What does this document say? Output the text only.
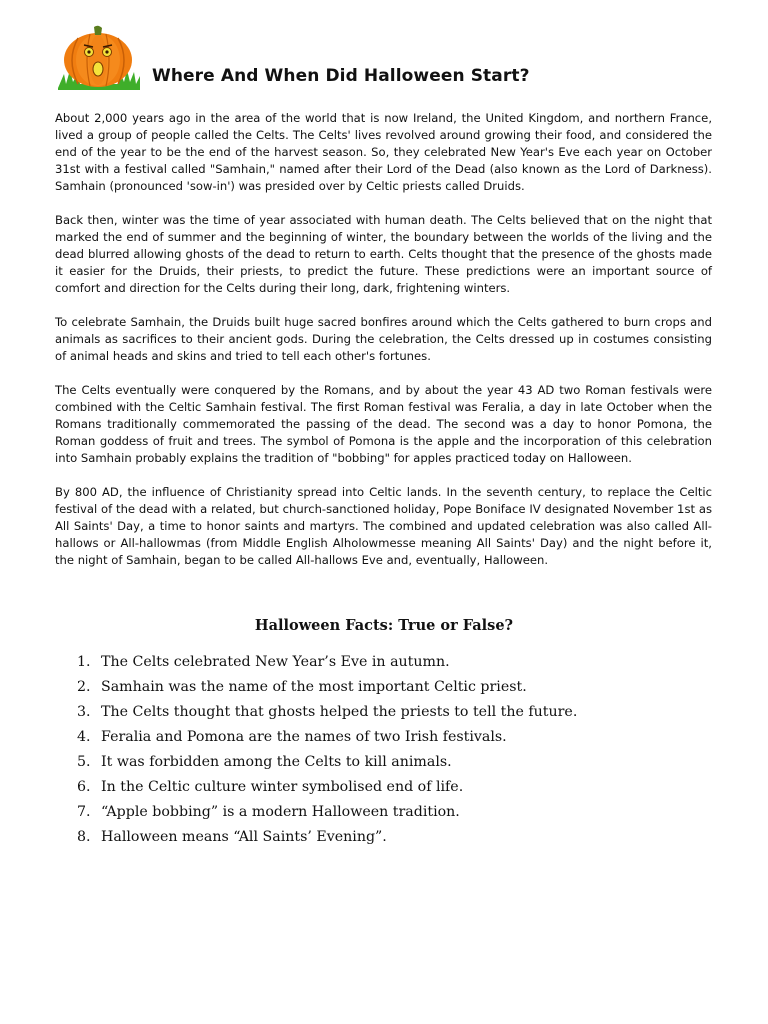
Where And When Did Halloween Start?

About 2,000 years ago in the area of the world that is now Ireland, the United Kingdom, and northern France, lived a group of people called the Celts. The Celts' lives revolved around growing their food, and considered the end of the year to be the end of the harvest season. So, they celebrated New Year's Eve each year on October 31st with a festival called "Samhain," named after their Lord of the Dead (also known as the Lord of Darkness). Samhain (pronounced 'sow-in') was presided over by Celtic priests called Druids.

Back then, winter was the time of year associated with human death. The Celts believed that on the night that marked the end of summer and the beginning of winter, the boundary between the worlds of the living and the dead blurred allowing ghosts of the dead to return to earth. Celts thought that the presence of the ghosts made it easier for the Druids, their priests, to predict the future. These predictions were an important source of comfort and direction for the Celts during their long, dark, frightening winters.

To celebrate Samhain, the Druids built huge sacred bonfires around which the Celts gathered to burn crops and animals as sacrifices to their ancient gods. During the celebration, the Celts dressed up in costumes consisting of animal heads and skins and tried to tell each other's fortunes.

The Celts eventually were conquered by the Romans, and by about the year 43 AD two Roman festivals were combined with the Celtic Samhain festival. The first Roman festival was Feralia, a day in late October when the Romans traditionally commemorated the passing of the dead. The second was a day to honor Pomona, the Roman goddess of fruit and trees. The symbol of Pomona is the apple and the incorporation of this celebration into Samhain probably explains the tradition of "bobbing" for apples practiced today on Halloween.

By 800 AD, the influence of Christianity spread into Celtic lands. In the seventh century, to replace the Celtic festival of the dead with a related, but church-sanctioned holiday, Pope Boniface IV designated November 1st as All Saints' Day, a time to honor saints and martyrs. The combined and updated celebration was also called All-hallows or All-hallowmas (from Middle English Alholowmesse meaning All Saints' Day) and the night before it, the night of Samhain, began to be called All-hallows Eve and, eventually, Halloween.

Halloween Facts: True or False?
1. The Celts celebrated New Year’s Eve in autumn.
2. Samhain was the name of the most important Celtic priest.
3. The Celts thought that ghosts helped the priests to tell the future.
4. Feralia and Pomona are the names of two Irish festivals.
5. It was forbidden among the Celts to kill animals.
6. In the Celtic culture winter symbolised end of life.
7. “Apple bobbing” is a modern Halloween tradition.
8. Halloween means “All Saints’ Evening”.
